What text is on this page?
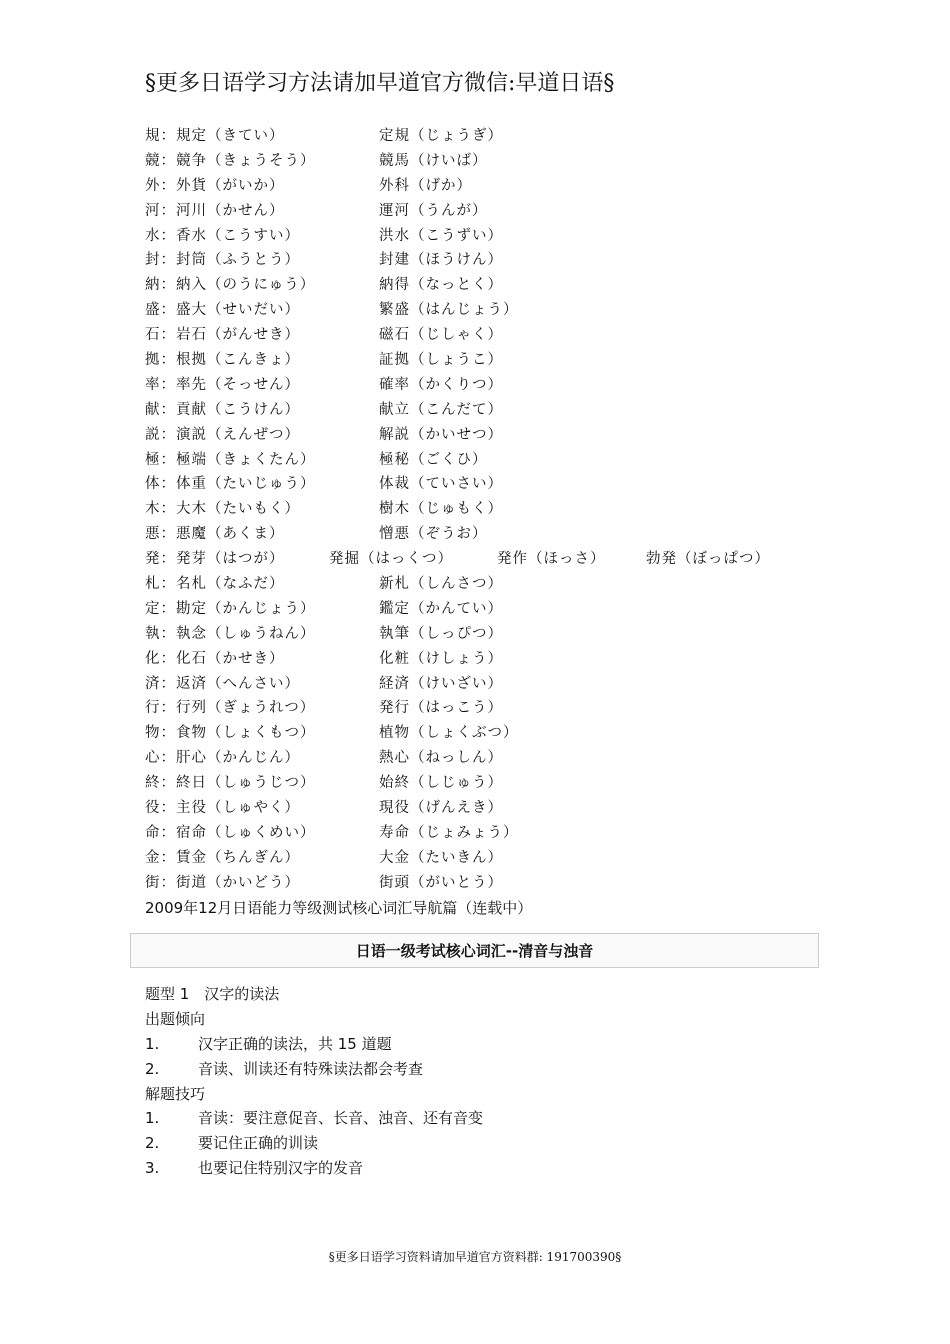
§更多日语学习方法请加早道官方微信:早道日语§
規：規定（きてい）	定規（じょうぎ）
競：競争（きょうそう）	競馬（けいば）
外：外貨（がいか）	外科（げか）
河：河川（かせん）	運河（うんが）
水：香水（こうすい）	洪水（こうずい）
封：封筒（ふうとう）	封建（ほうけん）
納：納入（のうにゅう）	納得（なっとく）
盛：盛大（せいだい）	繁盛（はんじょう）
石：岩石（がんせき）	磁石（じしゃく）
拠：根拠（こんきょ）	証拠（しょうこ）
率：率先（そっせん）	確率（かくりつ）
献：貢献（こうけん）	献立（こんだて）
説：演説（えんぜつ）	解説（かいせつ）
極：極端（きょくたん）	極秘（ごくひ）
体：体重（たいじゅう）	体裁（ていさい）
木：大木（たいもく）	樹木（じゅもく）
悪：悪魔（あくま）	憎悪（ぞうお）
発：発芽（はつが）	発掘（はっくつ）	発作（ほっさ）	勃発（ぼっぱつ）
札：名札（なふだ）	新札（しんさつ）
定：勘定（かんじょう）	鑑定（かんてい）
執：執念（しゅうねん）	執筆（しっぴつ）
化：化石（かせき）	化粧（けしょう）
済：返済（へんさい）	経済（けいざい）
行：行列（ぎょうれつ）	発行（はっこう）
物：食物（しょくもつ）	植物（しょくぶつ）
心：肝心（かんじん）	熱心（ねっしん）
終：終日（しゅうじつ）	始終（しじゅう）
役：主役（しゅやく）	現役（げんえき）
命：宿命（しゅくめい）	寿命（じょみょう）
金：賃金（ちんぎん）	大金（たいきん）
街：街道（かいどう）	街頭（がいとう）
2009年12月日语能力等级测试核心词汇导航篇（连载中）
日语一级考试核心词汇--清音与浊音
题型 1　汉字的读法
出题倾向
1.	汉字正确的读法，共 15 道题
2.	音读、训读还有特殊读法都会考查
解题技巧
1.	音读：要注意促音、长音、浊音、还有音变
2.	要记住正确的训读
3.	也要记住特别汉字的发音
§更多日语学习资料请加早道官方资料群: 191700390§
